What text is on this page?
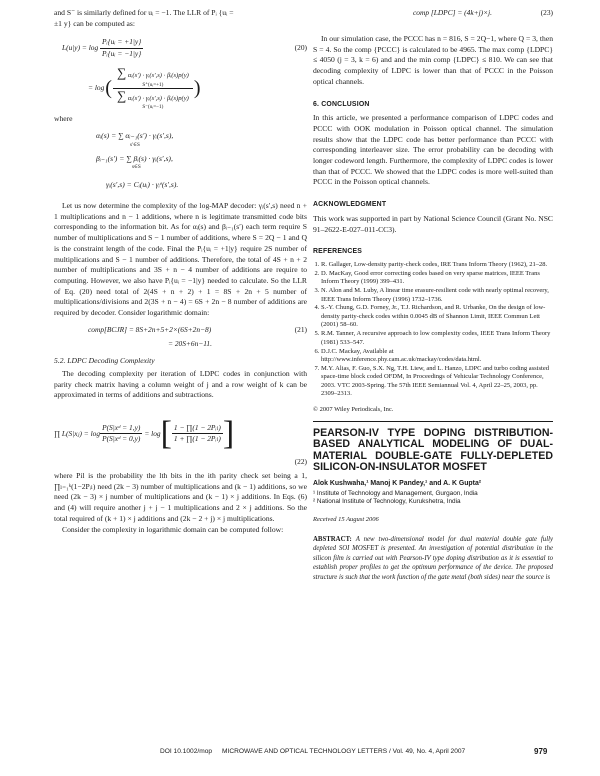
and S⁻ is similarly defined for uᵢ = −1. The LLR of Pᵢ {uᵢ =

±1 y} can be computed as:

$L(u|y) = \log \frac{\text{Pᵢ\{uᵢ = +1|y\}}}{\text{Pᵢ\{uᵢ = −1|y\}}}$	(20)
= log ( ∑ αᵢ(s′) · γᵢ(s′,s) · βᵢ(s)p(y)
S⁺(uᵢ=+1)
∑ αᵢ(s′) · γᵢ(s′,s) · βᵢ(s)p(y)
S⁻(uᵢ=−1) )

where

αᵢ(s) = ∑ αᵢ₋₁(s′) · γᵢ(s′,s),
s′∈S
βᵢ₋₁(s′) = ∑ βᵢ(s) · γᵢ(s′,s),
s∈S
γᵢ(s′,s) = Cᵢ(uᵢ) · γᵢᵉ(s′,s).

Let us now determine the complexity of the log-MAP decoder: γᵢ(s′,s) need n + 1 multiplications and n − 1 additions, where n is legitimate transmitted code bits corresponding to the information bit. As for αᵢ(s) and βᵢ₋₁(s′) each term require S number of multiplications and S − 1 number of additions, where S = 2Q − 1 and Q is the constraint length of the code. Final the Pᵢ{uᵢ = +1|y} require 2S number of multiplications and S − 1 number of additions. Therefore, the total of 4S + n + 2 number of multiplications and 3S + n − 4 number of additions are require to computing. However, we also have Pᵢ{uᵢ = −1|y} needed to calculate. So the LLR of Eq. (20) need total of 2(4S + n + 2) + 1 = 8S + 2n + 5 number of multiplications/divisions and 2(3S + n − 4) = 6S + 2n − 8 number of additions are required by decoder. Consider logarithmic domain:

comp[BCJR] = 8S+2n+5+2×(6S+2n−8)	(21)
= 20S+6n−11.
5.2. LDPC Decoding Complexity

The decoding complexity per iteration of LDPC codes in conjunction with parity check matrix having a column weight of j and a row weight of k can be approximated in terms of additions and subtractions.

∏ L(S|xⱼ) = $\log \frac{\text{P(S|xᵈ = 1,y)}}{\text{P(S|xᵈ = 0,y)}} = \log$ [ $\frac{\text{1 − ∏(1 − 2Pᵢₗ)}}{\text{1 + ∏(1 − 2Pᵢₗ)}}$ ]
(22)

where Pil is the probability the lth bits in the ith parity check set being a 1, ∏ₗ₌₁ᵏ(1−2Pᵢₗ) need (2k − 3) number of multiplications and (k − 1) additions, so we need (2k − 3) × j number of multiplications and (k − 1) × j additions. In Eqs. (6) and (4) will require another j + j − 1 multiplications and 2 × j additions. So the total required of (k + 1) × j additions and (2k − 2 + j) × j multiplications.

Consider the complexity in logarithmic domain can be computed follow:

comp [LDPC] = (4k+j)×j.	(23)

In our simulation case, the PCCC has n = 816, S = 2Q−1, where Q = 3, then S = 4. So the comp {PCCC} is calculated to be 4965. The max comp {LDPC} ≤ 4050 (j = 3, k = 6) and and the min comp {LDPC} ≤ 810. We can see that decoding complexity of LDPC is lower than that of PCCC in the Poisson optical channels.

6. CONCLUSION

In this article, we presented a performance comparison of LDPC codes and PCCC with OOK modulation in Poisson optical channel. The simulation results show that the LDPC code has better performance than PCCC with corresponding interleaver size. The error probability can be decoding with longer codeword length. Furthermore, the complexity of LDPC codes is lower than that of PCCC. We showed that the LDPC codes is more well-suited than PCCC in the Poisson optical channels.

ACKNOWLEDGMENT

This work was supported in part by National Science Council (Grant No. NSC 91–2622-E-027–011-CC3).

REFERENCES
1. R. Gallager, Low-density parity-check codes, IRE Trans Inform Theory (1962), 21–28.
2. D. MacKay, Good error correcting codes based on very sparse matrices, IEEE Trans Inform Theory (1999) 399–431.
3. N. Alon and M. Luby, A linear time erasure-resilient code with nearly optimal recovery, IEEE Trans Inform Theory (1996) 1732–1736.
4. S.-Y. Chung, G.D. Forney, Jr., T.J. Richardson, and R. Urbanke, On the design of low-density parity-check codes within 0.0045 dB of Shannon Limit, IEEE Commun Lett (2001) 58–60.
5. R.M. Tanner, A recursive approach to low complexity codes, IEEE Trans Inform Theory (1981) 533–547.
6. D.J.C. Mackay, Available at http://www.inference.phy.cam.ac.uk/mackay/codes/data.html.
7. M.Y. Alias, F. Guo, S.X. Ng, T.H. Liew, and L. Hanzo, LDPC and turbo coding assisted space-time block coded OFDM, In Proceedings of Vehicular Technology Conference, 2003. VTC 2003-Spring. The 57th IEEE Semiannual Vol. 4, April 22–25, 2003, pp. 2309–2313.

© 2007 Wiley Periodicals, Inc.

PEARSON-IV TYPE DOPING DISTRIBUTION-BASED ANALYTICAL MODELING OF DUAL-MATERIAL DOUBLE-GATE FULLY-DEPLETED SILICON-ON-INSULATOR MOSFET

Alok Kushwaha,¹ Manoj K Pandey,¹ and A. K Gupta²
¹ Institute of Technology and Management, Gurgaon, India
² National Institute of Technology, Kurukshetra, India
Received 15 August 2006

ABSTRACT: A new two-dimensional model for dual material double gate fully depleted SOI MOSFET is presented. An investigation of potential distribution in the silicon film is carried out with Pearson-IV type doping distribution as it is essential to establish proper profiles to get the optimum performance of the device. The proposed structure is such that the work function of the gate metal (both sides) near the source is

DOI 10.1002/mop MICROWAVE AND OPTICAL TECHNOLOGY LETTERS / Vol. 49, No. 4, April 2007	979
